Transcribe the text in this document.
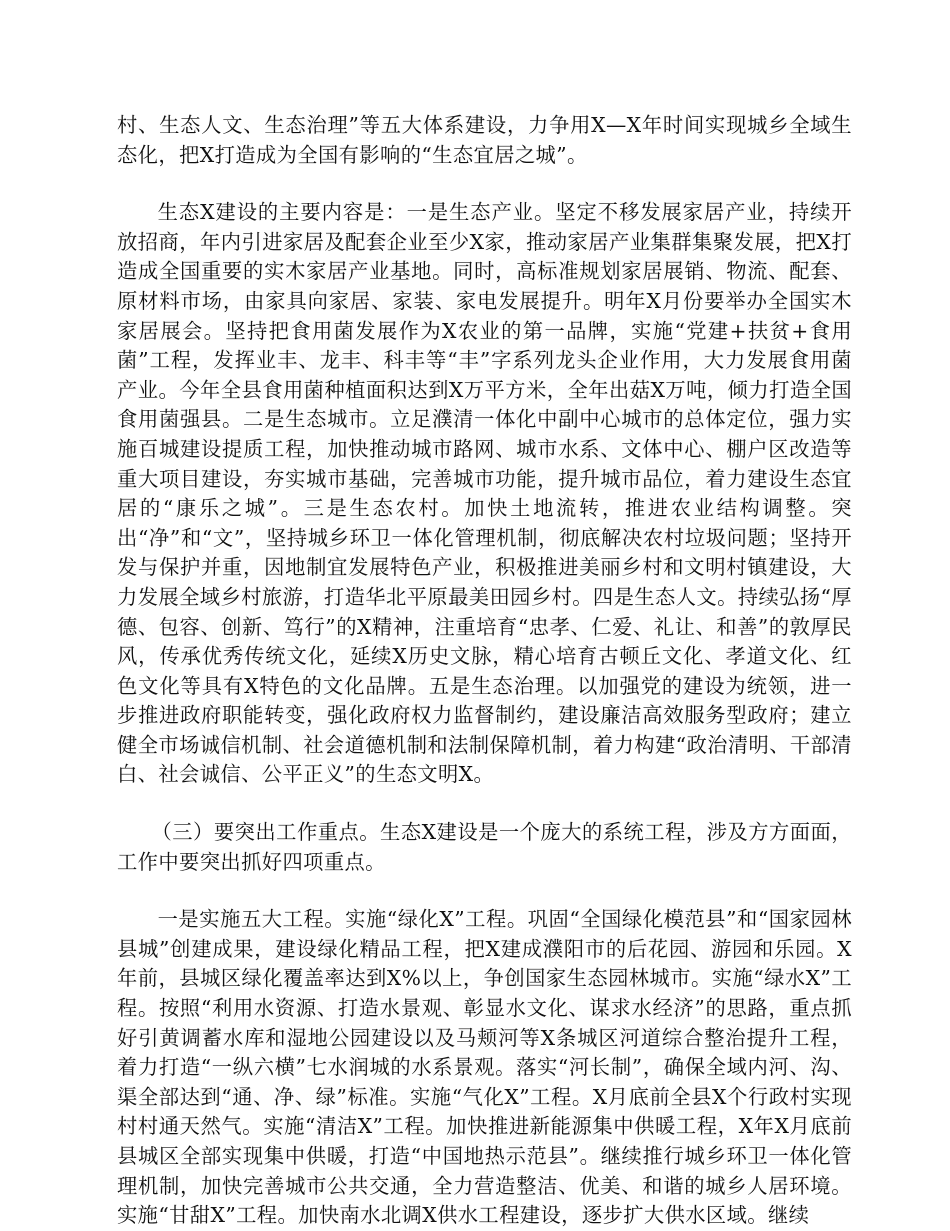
村、生态人文、生态治理”等五大体系建设，力争用X—X年时间实现城乡全域生态化，把X打造成为全国有影响的“生态宜居之城”。

生态X建设的主要内容是：一是生态产业。坚定不移发展家居产业，持续开放招商，年内引进家居及配套企业至少X家，推动家居产业集群集聚发展，把X打造成全国重要的实木家居产业基地。同时，高标准规划家居展销、物流、配套、原材料市场，由家具向家居、家装、家电发展提升。明年X月份要举办全国实木家居展会。坚持把食用菌发展作为X农业的第一品牌，实施“党建+扶贫+食用菌”工程，发挥业丰、龙丰、科丰等“丰”字系列龙头企业作用，大力发展食用菌产业。今年全县食用菌种植面积达到X万平方米，全年出菇X万吨，倾力打造全国食用菌强县。二是生态城市。立足濮清一体化中副中心城市的总体定位，强力实施百城建设提质工程，加快推动城市路网、城市水系、文体中心、棚户区改造等重大项目建设，夯实城市基础，完善城市功能，提升城市品位，着力建设生态宜居的“康乐之城”。三是生态农村。加快土地流转，推进农业结构调整。突出“净”和“文”，坚持城乡环卫一体化管理机制，彻底解决农村垃圾问题；坚持开发与保护并重，因地制宜发展特色产业，积极推进美丽乡村和文明村镇建设，大力发展全域乡村旅游，打造华北平原最美田园乡村。四是生态人文。持续弘扬“厚德、包容、创新、笃行”的X精神，注重培育“忠孝、仁爱、礼让、和善”的敦厚民风，传承优秀传统文化，延续X历史文脉，精心培育古顿丘文化、孝道文化、红色文化等具有X特色的文化品牌。五是生态治理。以加强党的建设为统领，进一步推进政府职能转变，强化政府权力监督制约，建设廉洁高效服务型政府；建立健全市场诚信机制、社会道德机制和法制保障机制，着力构建“政治清明、干部清白、社会诚信、公平正义”的生态文明X。

（三）要突出工作重点。生态X建设是一个庞大的系统工程，涉及方方面面，工作中要突出抓好四项重点。

一是实施五大工程。实施“绿化X”工程。巩固“全国绿化模范县”和“国家园林县城”创建成果，建设绿化精品工程，把X建成濮阳市的后花园、游园和乐园。X年前，县城区绿化覆盖率达到X%以上，争创国家生态园林城市。实施“绿水X”工程。按照“利用水资源、打造水景观、彰显水文化、谋求水经济”的思路，重点抓好引黄调蓄水库和湿地公园建设以及马颊河等X条城区河道综合整治提升工程，着力打造“一纵六横”七水润城的水系景观。落实“河长制”，确保全域内河、沟、渠全部达到“通、净、绿”标准。实施“气化X”工程。X月底前全县X个行政村实现村村通天然气。实施“清洁X”工程。加快推进新能源集中供暖工程，X年X月底前县城区全部实现集中供暖，打造“中国地热示范县”。继续推行城乡环卫一体化管理机制，加快完善城市公共交通，全力营造整洁、优美、和谐的城乡人居环境。实施“甘甜X”工程。加快南水北调X供水工程建设，逐步扩大供水区域。继续
